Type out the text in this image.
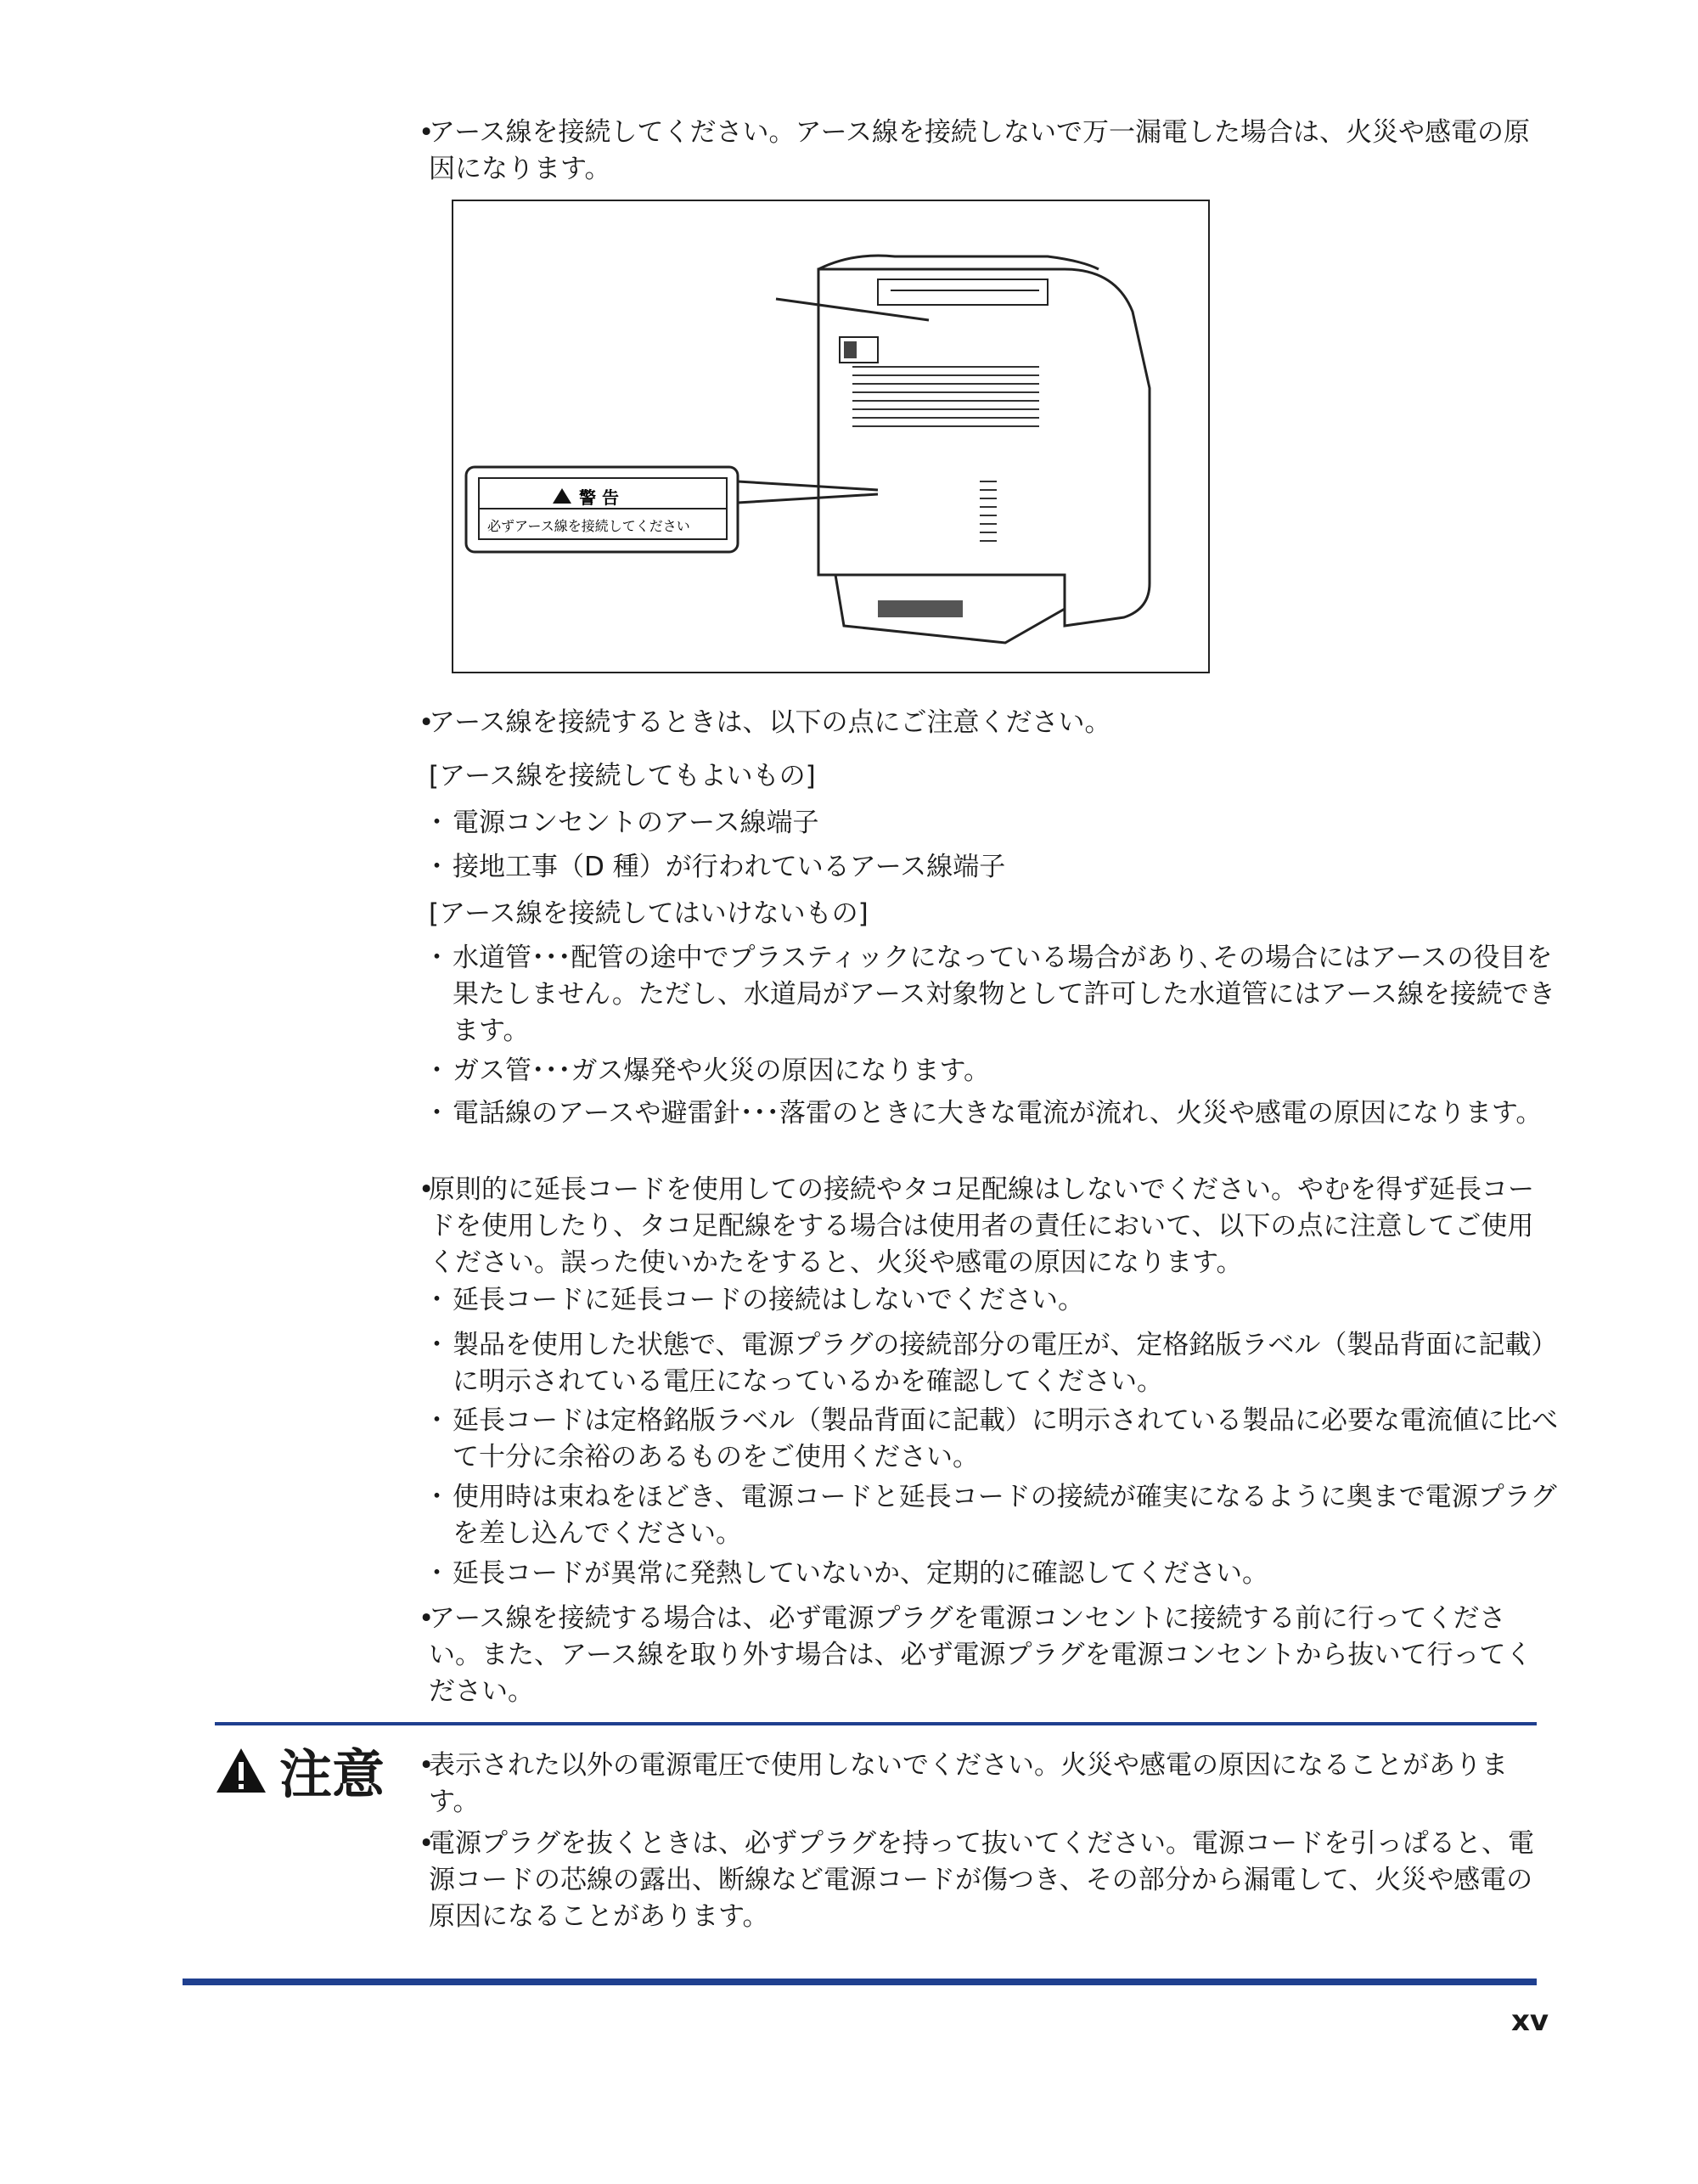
• アース線を接続してください。アース線を接続しないで万一漏電した場合は、火災や感電の原因になります。
警 告
必ずアース線を接続してください
• アース線を接続するときは、以下の点にご注意ください。
[アース線を接続してもよいもの]
・ 電源コンセントのアース線端子
・ 接地工事（D 種）が行われているアース線端子
[アース線を接続してはいけないもの]
・ 水道管･･･配管の途中でプラスティックになっている場合があり､その場合にはアースの役目を果たしません。ただし、水道局がアース対象物として許可した水道管にはアース線を接続できます。
・ ガス管･･･ガス爆発や火災の原因になります。
・ 電話線のアースや避雷針･･･落雷のときに大きな電流が流れ、火災や感電の原因になります。
• 原則的に延長コードを使用しての接続やタコ足配線はしないでください。やむを得ず延長コードを使用したり、タコ足配線をする場合は使用者の責任において、以下の点に注意してご使用ください。誤った使いかたをすると、火災や感電の原因になります。
・ 延長コードに延長コードの接続はしないでください。
・ 製品を使用した状態で、電源プラグの接続部分の電圧が、定格銘版ラベル（製品背面に記載）に明示されている電圧になっているかを確認してください。
・ 延長コードは定格銘版ラベル（製品背面に記載）に明示されている製品に必要な電流値に比べて十分に余裕のあるものをご使用ください。
・ 使用時は束ねをほどき、電源コードと延長コードの接続が確実になるように奥まで電源プラグを差し込んでください。
・ 延長コードが異常に発熱していないか、定期的に確認してください。
• アース線を接続する場合は、必ず電源プラグを電源コンセントに接続する前に行ってください。また、アース線を取り外す場合は、必ず電源プラグを電源コンセントから抜いて行ってください。
注意
• 表示された以外の電源電圧で使用しないでください。火災や感電の原因になることがあります。
• 電源プラグを抜くときは、必ずプラグを持って抜いてください。電源コードを引っぱると、電源コードの芯線の露出、断線など電源コードが傷つき、その部分から漏電して、火災や感電の原因になることがあります。
xv
